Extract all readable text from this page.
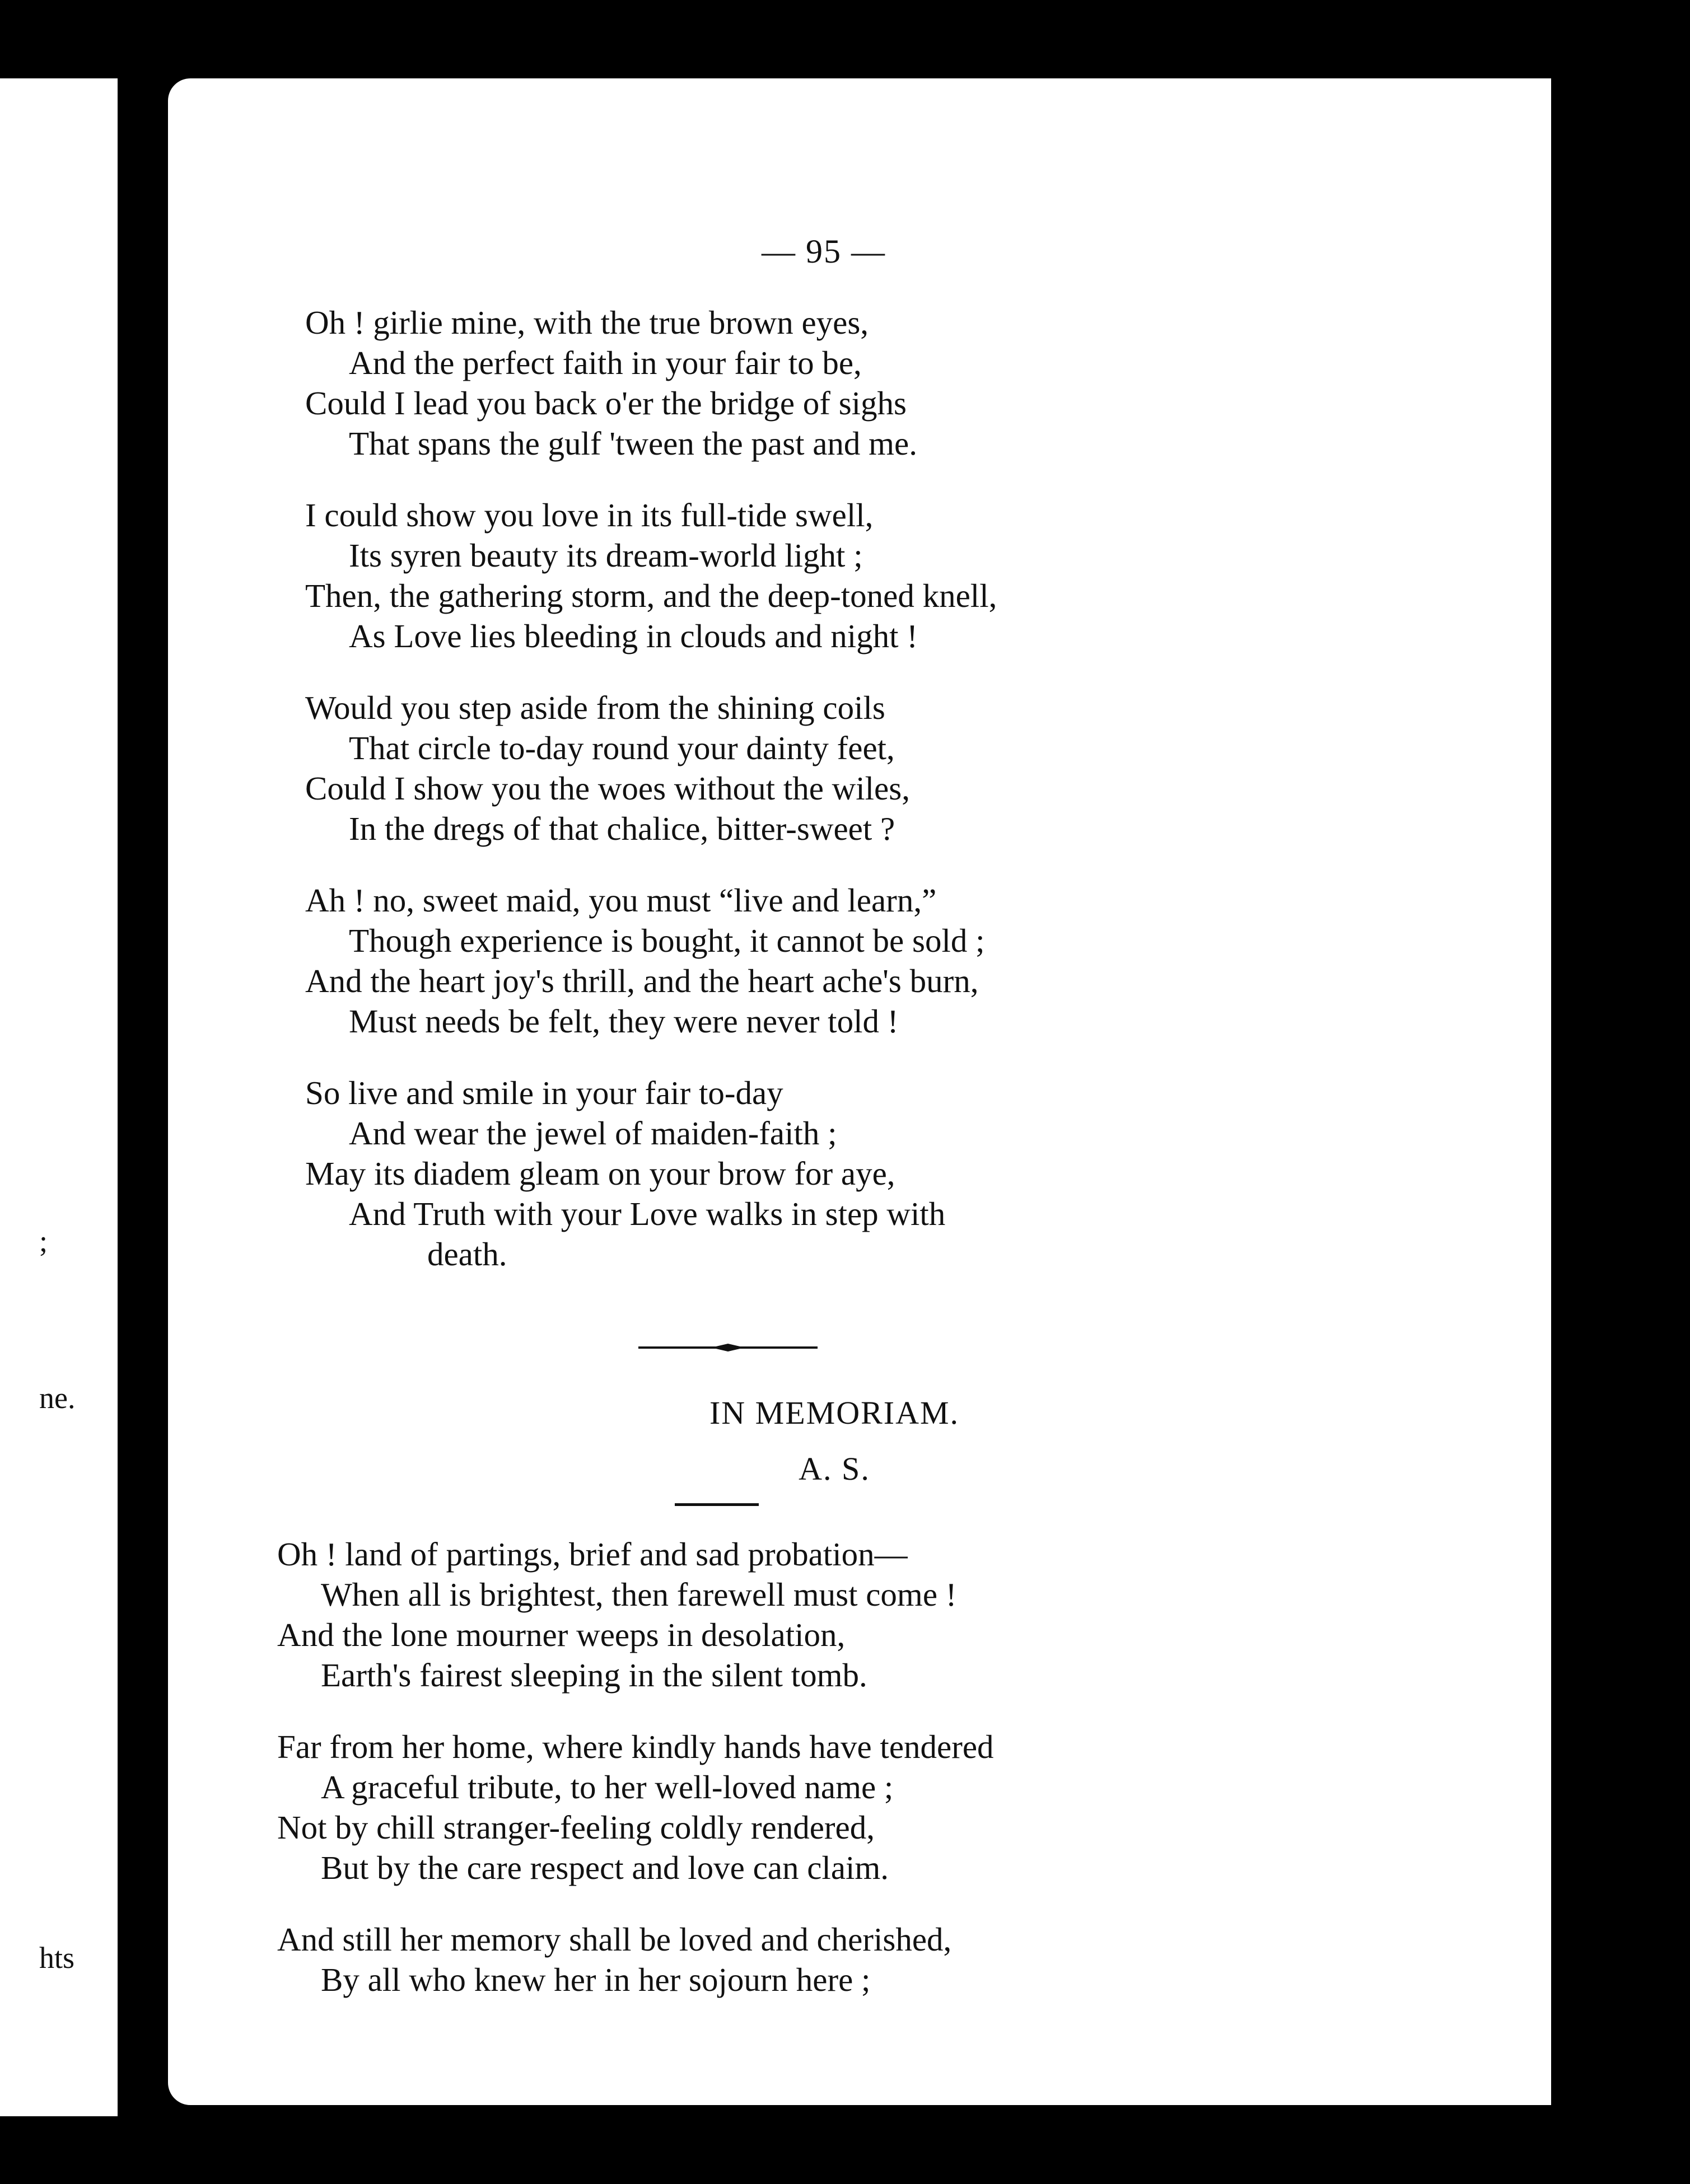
;
ne.
hts
— 95 —
Oh ! girlie mine, with the true brown eyes,
And the perfect faith in your fair to be,
Could I lead you back o'er the bridge of sighs
That spans the gulf 'tween the past and me.
I could show you love in its full-tide swell,
Its syren beauty its dream-world light ;
Then, the gathering storm, and the deep-toned knell,
As Love lies bleeding in clouds and night !
Would you step aside from the shining coils
That circle to-day round your dainty feet,
Could I show you the woes without the wiles,
In the dregs of that chalice, bitter-sweet ?
Ah ! no, sweet maid, you must “live and learn,”
Though experience is bought, it cannot be sold ;
And the heart joy's thrill, and the heart ache's burn,
Must needs be felt, they were never told !
So live and smile in your fair to-day
And wear the jewel of maiden-faith ;
May its diadem gleam on your brow for aye,
And Truth with your Love walks in step with
death.
IN MEMORIAM.
A. S.
Oh ! land of partings, brief and sad probation—
When all is brightest, then farewell must come !
And the lone mourner weeps in desolation,
Earth's fairest sleeping in the silent tomb.
Far from her home, where kindly hands have tendered
A graceful tribute, to her well-loved name ;
Not by chill stranger-feeling coldly rendered,
But by the care respect and love can claim.
And still her memory shall be loved and cherished,
By all who knew her in her sojourn here ;
